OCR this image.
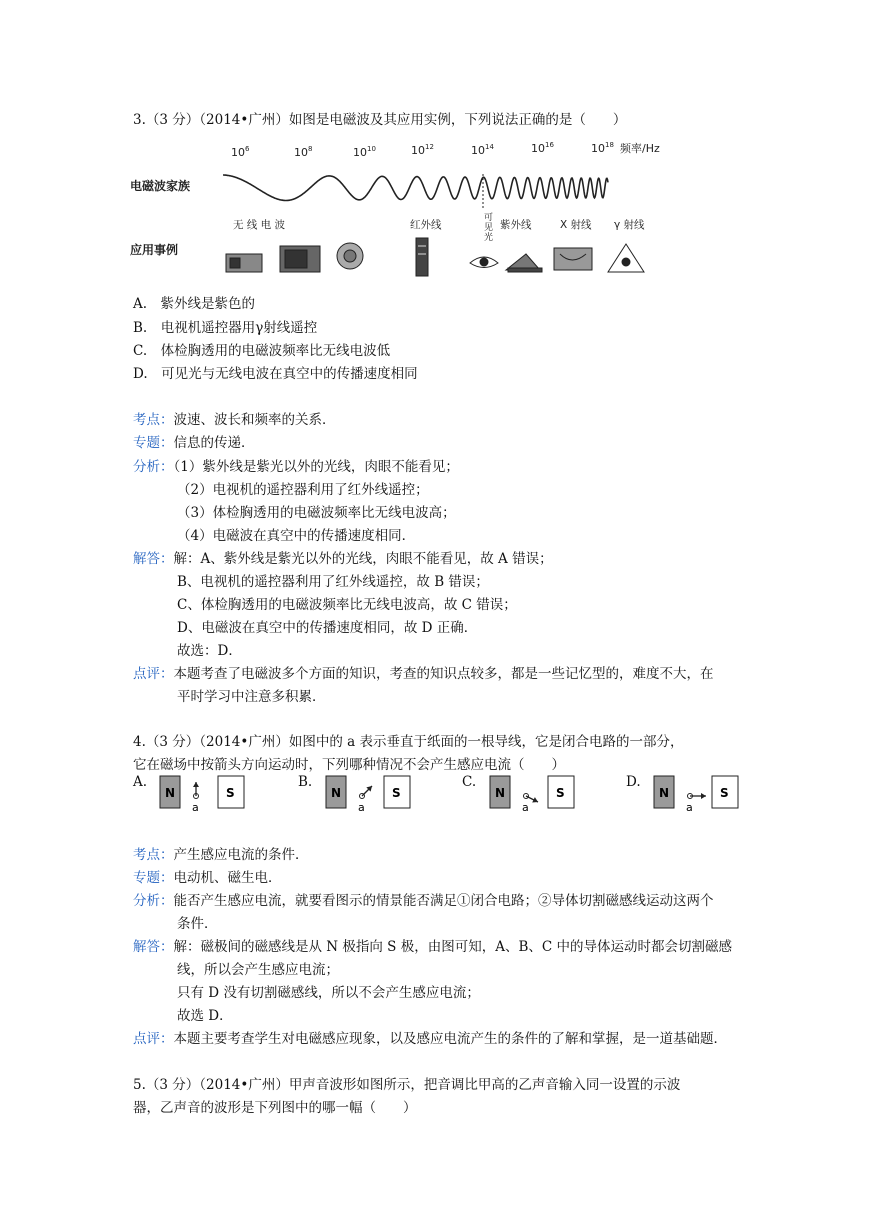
3.（3 分）（2014•广州）如图是电磁波及其应用实例，下列说法正确的是（　　）
$10^6$	$10^8$	$10^{10}$	$10^{12}$	$10^{14}$	$10^{16}$	$10^{18}$ 频率/Hz
电磁波家族
应用事例
无 线 电 波	红外线
可
见
光
紫外线	X 射线 γ 射线
A.　紫外线是紫色的
B.　电视机遥控器用γ射线遥控
C.　体检胸透用的电磁波频率比无线电波低
D.　可见光与无线电波在真空中的传播速度相同
考点：波速、波长和频率的关系．
专题：信息的传递．
分析：（1）紫外线是紫光以外的光线，肉眼不能看见；
（2）电视机的遥控器利用了红外线遥控；
（3）体检胸透用的电磁波频率比无线电波高；
（4）电磁波在真空中的传播速度相同．
解答：解：A、紫外线是紫光以外的光线，肉眼不能看见，故 A 错误；
B、电视机的遥控器利用了红外线遥控，故 B 错误；
C、体检胸透用的电磁波频率比无线电波高，故 C 错误；
D、电磁波在真空中的传播速度相同，故 D 正确．
故选：D．
点评：本题考查了电磁波多个方面的知识，考查的知识点较多，都是一些记忆型的，难度不大，在
平时学习中注意多积累．
4.（3 分）（2014•广州）如图中的 a 表示垂直于纸面的一根导线，它是闭合电路的一部分，
它在磁场中按箭头方向运动时，下列哪种情况不会产生感应电流（　　）
A.	B.	C.	D.
N	S
a
N	S
a
N	S
a
N	S
a
考点：产生感应电流的条件．
专题：电动机、磁生电．
分析：能否产生感应电流，就要看图示的情景能否满足①闭合电路；②导体切割磁感线运动这两个
条件．
解答：解：磁极间的磁感线是从 N 极指向 S 极，由图可知，A、B、C 中的导体运动时都会切割磁感
线，所以会产生感应电流；
只有 D 没有切割磁感线，所以不会产生感应电流；
故选 D．
点评：本题主要考查学生对电磁感应现象，以及感应电流产生的条件的了解和掌握，是一道基础题．
5.（3 分）（2014•广州）甲声音波形如图所示，把音调比甲高的乙声音输入同一设置的示波
器，乙声音的波形是下列图中的哪一幅（　　）
